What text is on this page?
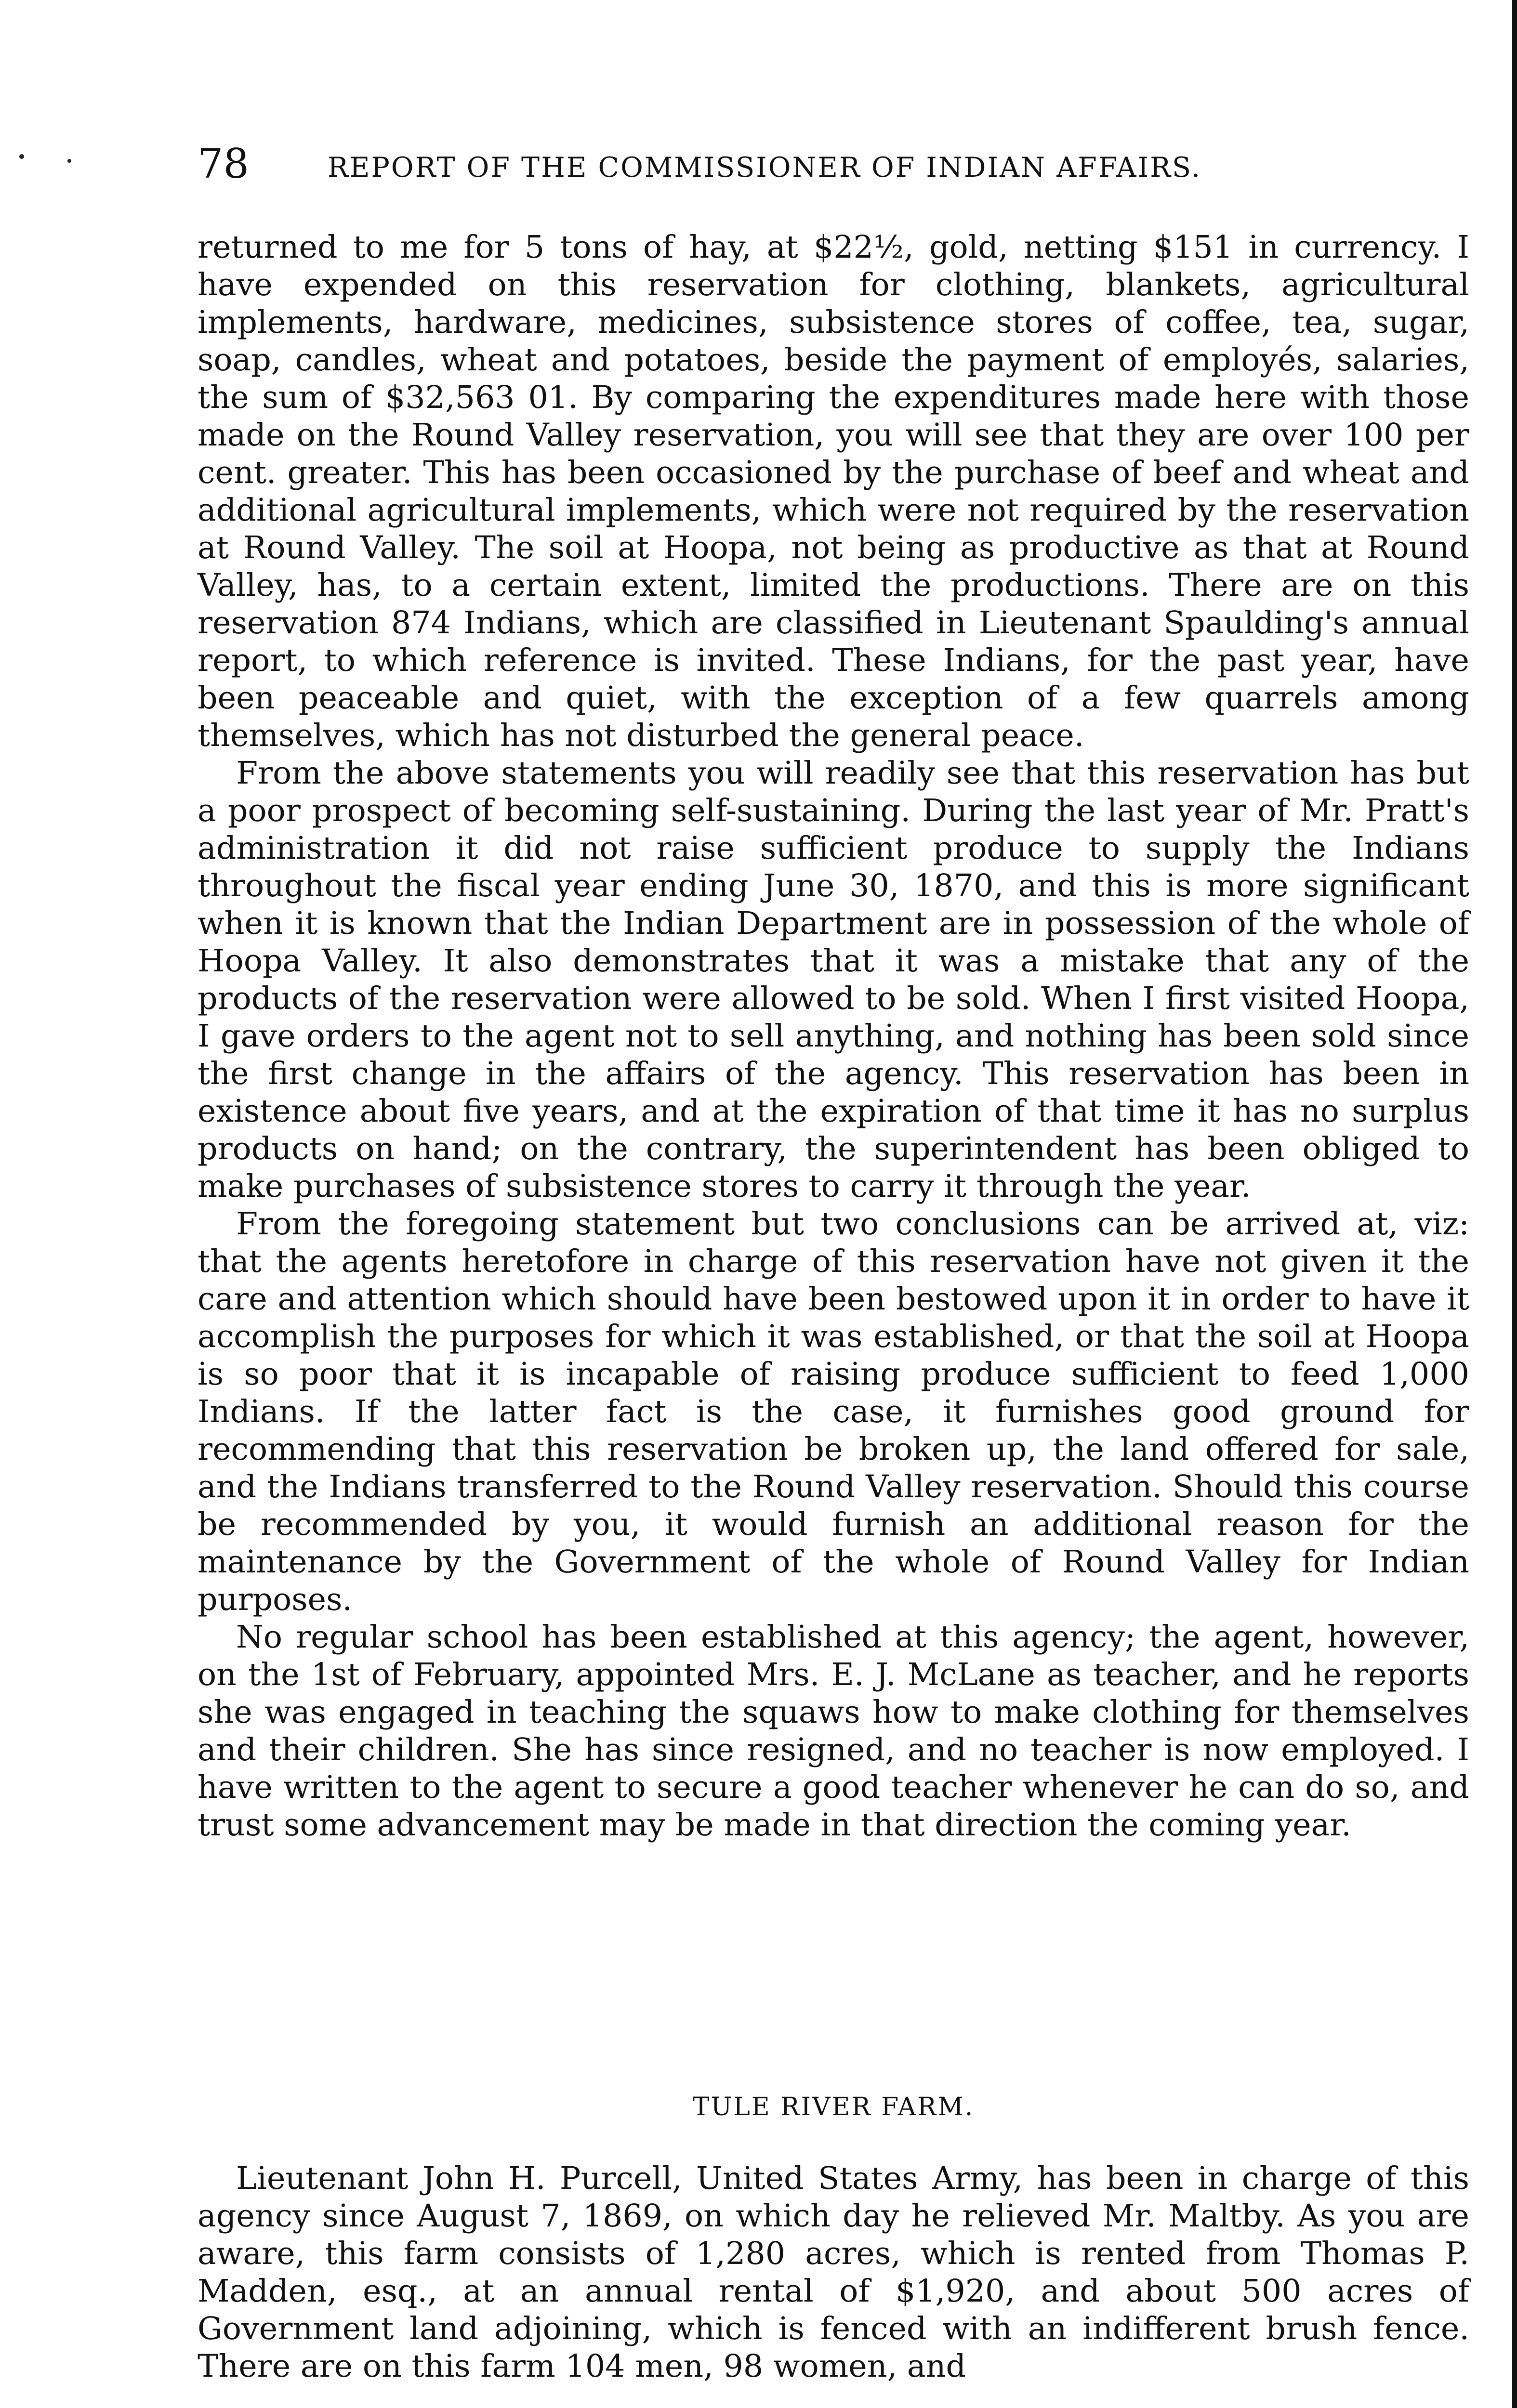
78	REPORT OF THE COMMISSIONER OF INDIAN AFFAIRS.

returned to me for 5 tons of hay, at $22½, gold, netting $151 in currency. I have expended on this reservation for clothing, blankets, agricultural implements, hardware, medicines, subsistence stores of coffee, tea, sugar, soap, candles, wheat and potatoes, beside the payment of employés, salaries, the sum of $32,563 01. By comparing the expenditures made here with those made on the Round Valley reservation, you will see that they are over 100 per cent. greater. This has been occasioned by the purchase of beef and wheat and additional agricultural implements, which were not required by the reservation at Round Valley. The soil at Hoopa, not being as productive as that at Round Valley, has, to a certain extent, limited the productions. There are on this reservation 874 Indians, which are classified in Lieutenant Spaulding's annual report, to which reference is invited. These Indians, for the past year, have been peaceable and quiet, with the exception of a few quarrels among themselves, which has not disturbed the general peace.

From the above statements you will readily see that this reservation has but a poor prospect of becoming self-sustaining. During the last year of Mr. Pratt's administration it did not raise sufficient produce to supply the Indians throughout the fiscal year ending June 30, 1870, and this is more significant when it is known that the Indian Department are in possession of the whole of Hoopa Valley. It also demonstrates that it was a mistake that any of the products of the reservation were allowed to be sold. When I first visited Hoopa, I gave orders to the agent not to sell anything, and nothing has been sold since the first change in the affairs of the agency. This reservation has been in existence about five years, and at the expiration of that time it has no surplus products on hand; on the contrary, the superintendent has been obliged to make purchases of subsistence stores to carry it through the year.

From the foregoing statement but two conclusions can be arrived at, viz: that the agents heretofore in charge of this reservation have not given it the care and attention which should have been bestowed upon it in order to have it accomplish the purposes for which it was established, or that the soil at Hoopa is so poor that it is incapable of raising produce sufficient to feed 1,000 Indians. If the latter fact is the case, it furnishes good ground for recommending that this reservation be broken up, the land offered for sale, and the Indians transferred to the Round Valley reservation. Should this course be recommended by you, it would furnish an additional reason for the maintenance by the Government of the whole of Round Valley for Indian purposes.

No regular school has been established at this agency; the agent, however, on the 1st of February, appointed Mrs. E. J. McLane as teacher, and he reports she was engaged in teaching the squaws how to make clothing for themselves and their children. She has since resigned, and no teacher is now employed. I have written to the agent to secure a good teacher whenever he can do so, and trust some advancement may be made in that direction the coming year.

TULE RIVER FARM.

Lieutenant John H. Purcell, United States Army, has been in charge of this agency since August 7, 1869, on which day he relieved Mr. Maltby. As you are aware, this farm consists of 1,280 acres, which is rented from Thomas P. Madden, esq., at an annual rental of $1,920, and about 500 acres of Government land adjoining, which is fenced with an indifferent brush fence. There are on this farm 104 men, 98 women, and
